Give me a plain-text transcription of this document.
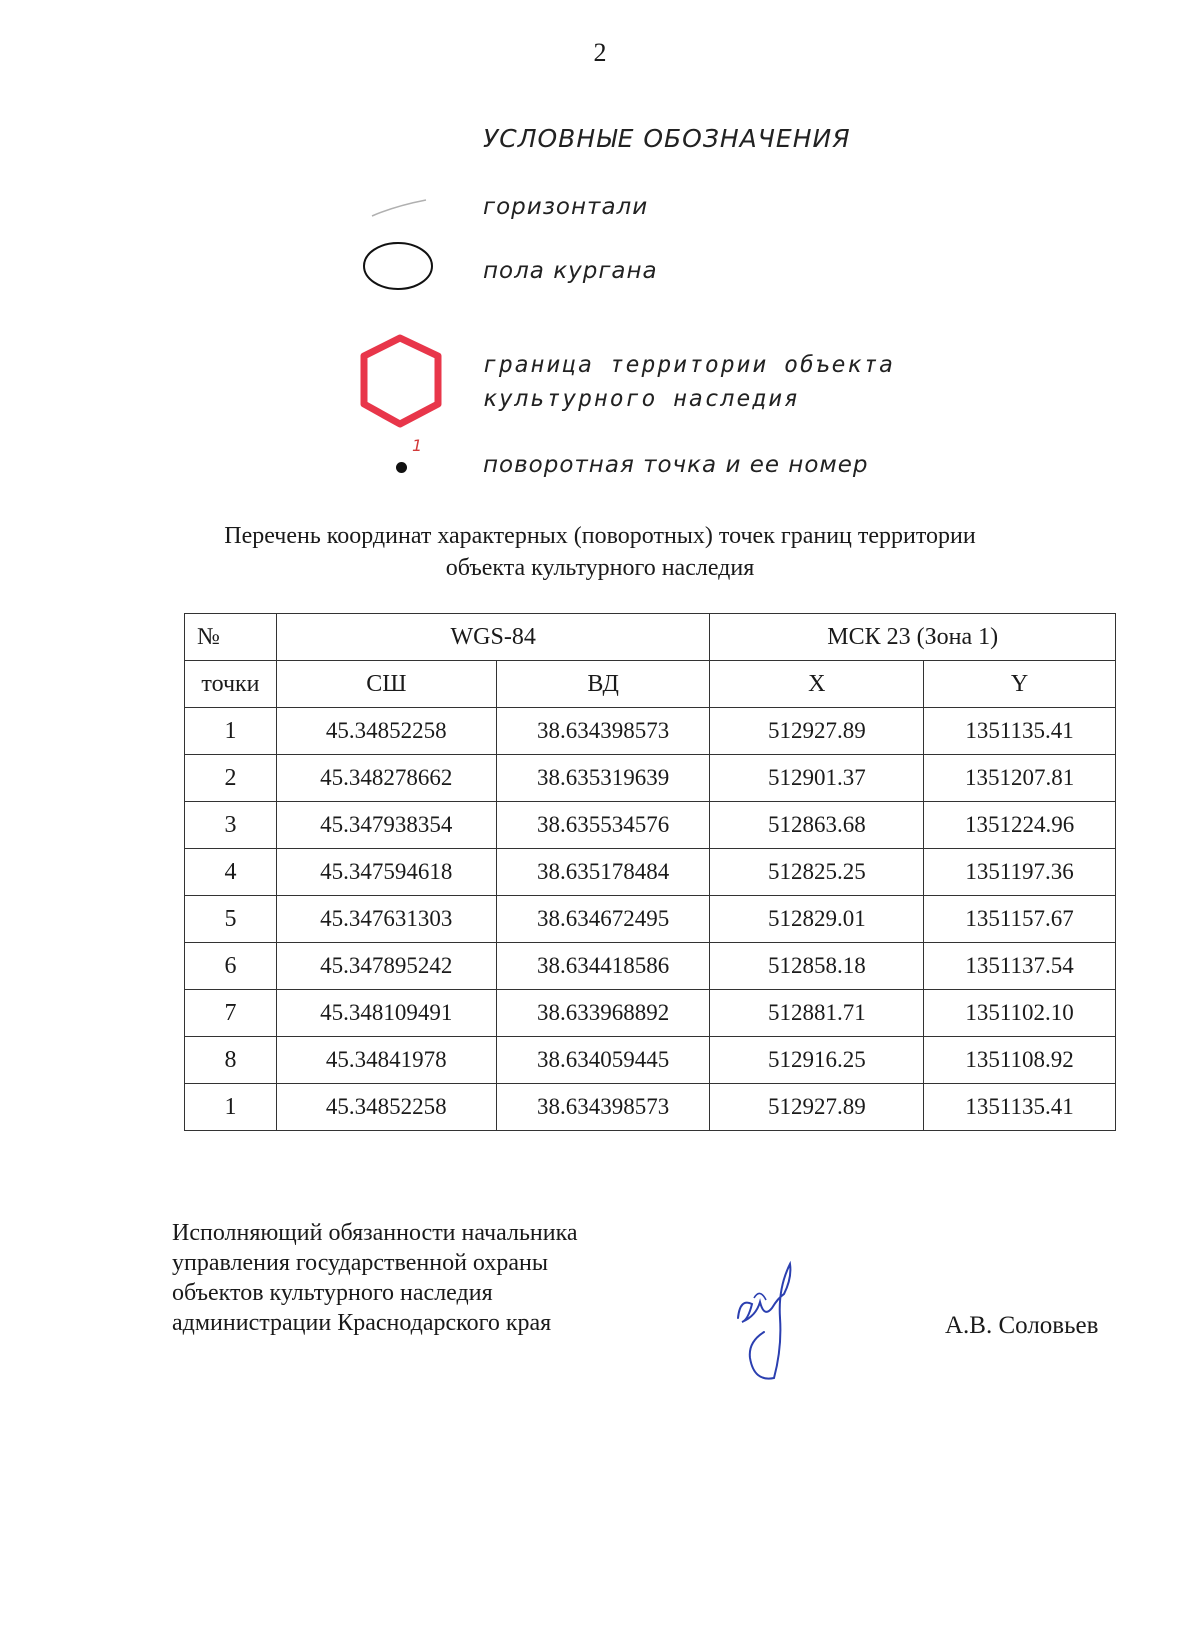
2
УСЛОВНЫЕ ОБОЗНАЧЕНИЯ
горизонтали
пола кургана
граница территории объекта
культурного наследия
1
поворотная точка и ее номер
Перечень координат характерных (поворотных) точек границ территории
объекта культурного наследия
№	WGS-84		МСК 23 (Зона 1)	
точки	СШ	ВД	X	Y
1	45.34852258	38.634398573	512927.89	1351135.41
2	45.348278662	38.635319639	512901.37	1351207.81
3	45.347938354	38.635534576	512863.68	1351224.96
4	45.347594618	38.635178484	512825.25	1351197.36
5	45.347631303	38.634672495	512829.01	1351157.67
6	45.347895242	38.634418586	512858.18	1351137.54
7	45.348109491	38.633968892	512881.71	1351102.10
8	45.34841978	38.634059445	512916.25	1351108.92
1	45.34852258	38.634398573	512927.89	1351135.41
Исполняющий обязанности начальника
управления государственной охраны
объектов культурного наследия
администрации Краснодарского края	А.В. Соловьев
